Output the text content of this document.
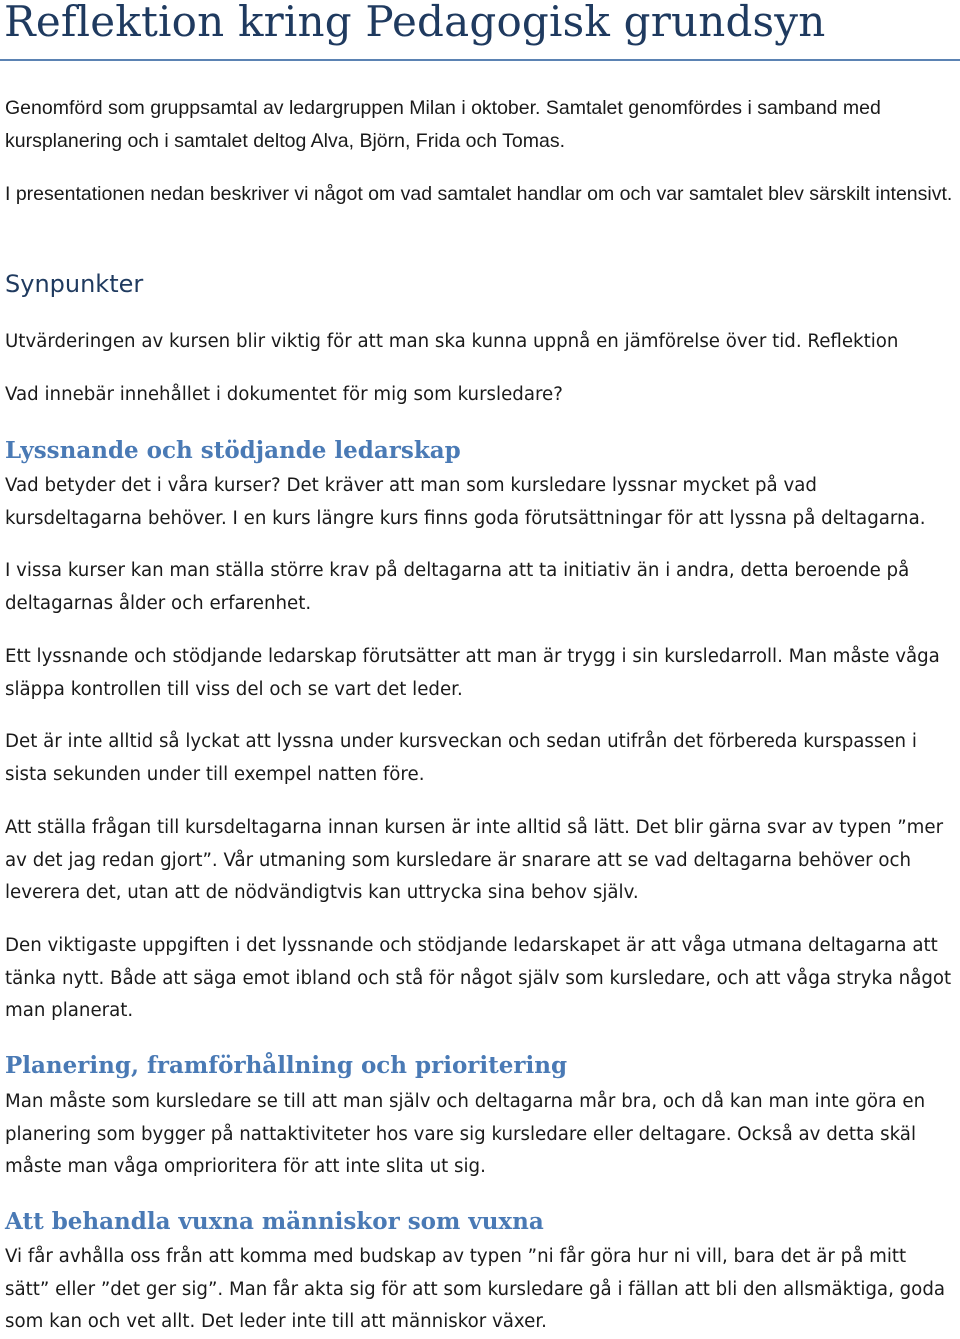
Reflektion kring Pedagogisk grundsyn

Genomförd som gruppsamtal av ledargruppen Milan i oktober. Samtalet genomfördes i samband med kursplanering och i samtalet deltog Alva, Björn, Frida och Tomas.

I presentationen nedan beskriver vi något om vad samtalet handlar om och var samtalet blev särskilt intensivt.

Synpunkter

Utvärderingen av kursen blir viktig för att man ska kunna uppnå en jämförelse över tid. Reflektion

Vad innebär innehållet i dokumentet för mig som kursledare?

Lyssnande och stödjande ledarskap

Vad betyder det i våra kurser? Det kräver att man som kursledare lyssnar mycket på vad kursdeltagarna behöver. I en kurs längre kurs finns goda förutsättningar för att lyssna på deltagarna.

I vissa kurser kan man ställa större krav på deltagarna att ta initiativ än i andra, detta beroende på deltagarnas ålder och erfarenhet.

Ett lyssnande och stödjande ledarskap förutsätter att man är trygg i sin kursledarroll. Man måste våga släppa kontrollen till viss del och se vart det leder.

Det är inte alltid så lyckat att lyssna under kursveckan och sedan utifrån det förbereda kurspassen i sista sekunden under till exempel natten före.

Att ställa frågan till kursdeltagarna innan kursen är inte alltid så lätt. Det blir gärna svar av typen ”mer av det jag redan gjort”. Vår utmaning som kursledare är snarare att se vad deltagarna behöver och leverera det, utan att de nödvändigtvis kan uttrycka sina behov själv.

Den viktigaste uppgiften i det lyssnande och stödjande ledarskapet är att våga utmana deltagarna att tänka nytt. Både att säga emot ibland och stå för något själv som kursledare, och att våga stryka något man planerat.

Planering, framförhållning och prioritering

Man måste som kursledare se till att man själv och deltagarna mår bra, och då kan man inte göra en planering som bygger på nattaktiviteter hos vare sig kursledare eller deltagare. Också av detta skäl måste man våga omprioritera för att inte slita ut sig.

Att behandla vuxna människor som vuxna

Vi får avhålla oss från att komma med budskap av typen ”ni får göra hur ni vill, bara det är på mitt sätt” eller ”det ger sig”. Man får akta sig för att som kursledare gå i fällan att bli den allsmäktiga, goda som kan och vet allt. Det leder inte till att människor växer.
